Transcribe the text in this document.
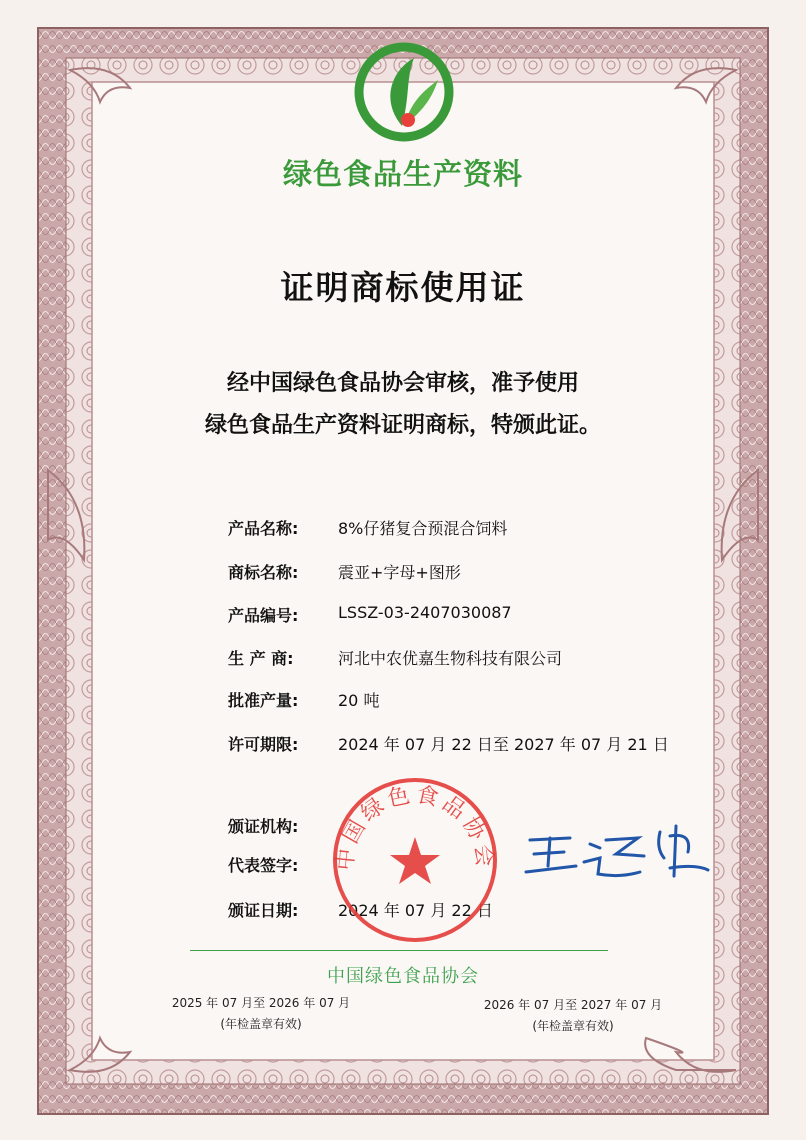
绿色食品生产资料
证明商标使用证
经中国绿色食品协会审核，准予使用
绿色食品生产资料证明商标，特颁此证。
产品名称:	8%仔猪复合预混合饲料
商标名称:	震亚+字母+图形
产品编号:	LSSZ-03-2407030087
生 产 商:	河北中农优嘉生物科技有限公司
批准产量:	20 吨
许可期限:	2024 年 07 月 22 日至 2027 年 07 月 21 日
颁证机构:
代表签字:
颁证日期:	2024 年 07 月 22 日
中国绿色食品协会
中国绿色食品协会
2025 年 07 月至 2026 年 07 月
(年检盖章有效)
2026 年 07 月至 2027 年 07 月
(年检盖章有效)
